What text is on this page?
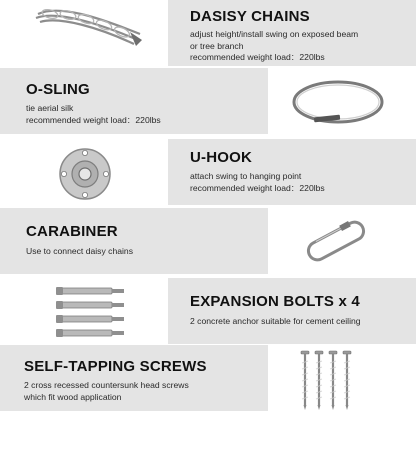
DASISY CHAINS

adjust height/install swing on exposed beam

or tree branch

recommended weight load：220lbs

O-SLING

tie aerial silk

recommended weight load：220lbs

U-HOOK

attach swing to hanging point

recommended weight load：220lbs

CARABINER

Use to connect daisy chains

EXPANSION BOLTS x 4

2 concrete anchor suitable for cement ceiling

SELF-TAPPING SCREWS

2 cross recessed countersunk head screws

which fit wood application
